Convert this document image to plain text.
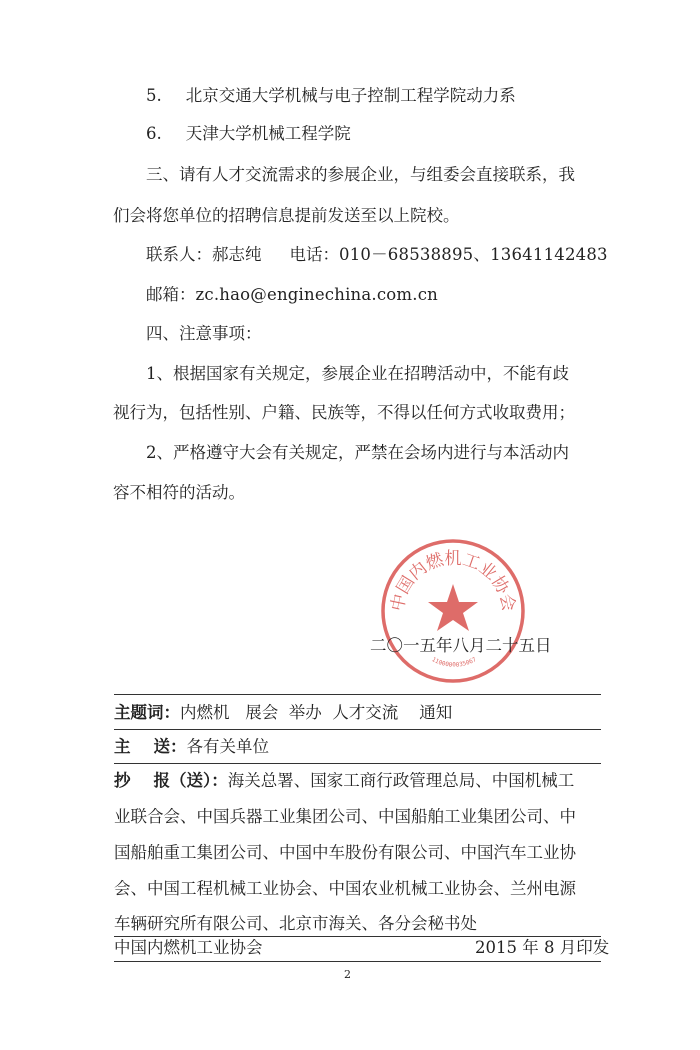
5. 北京交通大学机械与电子控制工程学院动力系
6. 天津大学机械工程学院
三、请有人才交流需求的参展企业，与组委会直接联系，我
们会将您单位的招聘信息提前发送至以上院校。
联系人：郝志纯 电话：010－68538895、13641142483
邮箱：zc.hao@enginechina.com.cn
四、注意事项：
1、根据国家有关规定，参展企业在招聘活动中，不能有歧
视行为，包括性别、户籍、民族等，不得以任何方式收取费用；
2、严格遵守大会有关规定，严禁在会场内进行与本活动内
容不相符的活动。
中国内燃机工业协会
1100000035067
二〇一五年八月二十五日
主题词：内燃机   展会  举办  人才交流    通知
主    送：各有关单位
抄    报（送）：海关总署、国家工商行政管理总局、中国机械工
业联合会、中国兵器工业集团公司、中国船舶工业集团公司、中
国船舶重工集团公司、中国中车股份有限公司、中国汽车工业协
会、中国工程机械工业协会、中国农业机械工业协会、兰州电源
车辆研究所有限公司、北京市海关、各分会秘书处
中国内燃机工业协会	2015 年 8 月印发
2
